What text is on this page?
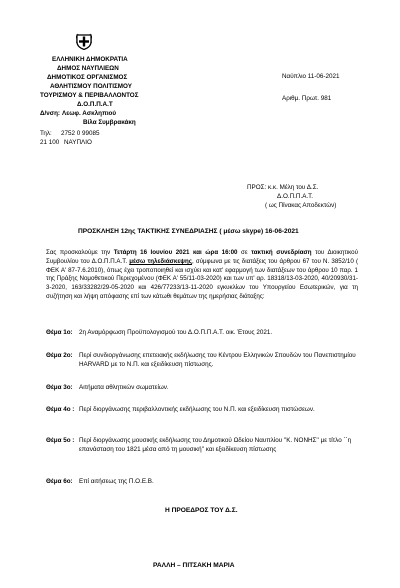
ΕΛΛΗΝΙΚΗ ΔΗΜΟΚΡΑΤΙΑ
ΔΗΜΟΣ ΝΑΥΠΛΙΕΩΝ
ΔΗΜΟΤΙΚΟΣ ΟΡΓΑΝΙΣΜΟΣ
ΑΘΛΗΤΙΣΜΟΥ ΠΟΛΙΤΙΣΜΟΥ
ΤΟΥΡΙΣΜΟΥ & ΠΕΡΙΒΑΛΛΟΝΤΟΣ
Δ.Ο.Π.Π.Α.Τ
Δ/νση: Λεωφ. Ασκληπιού
Βίλα Συμβρακάκη
Τηλ: 2752 0 99085
21 100 ΝΑΥΠΛΙΟ
Ναύπλιο 11-06-2021
Αριθμ. Πρωτ. 981
ΠΡΟΣ: κ.κ. Μέλη του Δ.Σ.
Δ.Ο.Π.Π.Α.Τ.
( ως Πίνακας Αποδεκτών)
ΠΡΟΣΚΛΗΣΗ 12ης ΤΑΚΤΙΚΗΣ ΣΥΝΕΔΡΙΑΣΗΣ ( μέσω skype) 16-06-2021
Σας προσκαλούμε την Τετάρτη 16 Ιουνίου 2021 και ώρα 16:00 σε τακτική συνεδρίαση του Διοικητικού Συμβουλίου του Δ.Ο.Π.Π.Α.Τ. μέσω τηλεδιάσκεψης, σύμφωνα με τις διατάξεις του άρθρου 67 του Ν. 3852/10 ( ΦΕΚ Α' 87-7.6.2010), όπως έχει τροποποιηθεί και ισχύει και κατ' εφαρμογή των διατάξεων του άρθρου 10 παρ. 1 της Πράξης Νομοθετικού Περιεχομένου (ΦΕΚ Α' 55/11-03-2020) και των υπ' αρ. 18318/13-03-2020, 40/20930/31-3-2020, 163/33282/29-05-2020 και 426/77233/13-11-2020 εγκυκλίων του Υπουργείου Εσωτερικών, για τη συζήτηση και λήψη απόφασης επί των κάτωθι θεμάτων της ημερήσιας διάταξης:
Θέμα 1ο: 2η Αναμόρφωση Προϋπολογισμού του Δ.Ο.Π.Π.Α.Τ. οικ. Έτους 2021.
Θέμα 2ο: Περί συνδιοργάνωσης επετειακής εκδήλωσης του Κέντρου Ελληνικών Σπουδών του Πανεπιστημίου HARVARD με το Ν.Π. και εξειδίκευση πίστωσης.
Θέμα 3ο: Αιτήματα αθλητικών σωματείων.
Θέμα 4ο : Περί διοργάνωσης περιβαλλοντικής εκδήλωσης του Ν.Π. και εξειδίκευση πιστώσεων.
Θέμα 5ο : Περί διοργάνωσης μουσικής εκδήλωσης του Δημοτικού Ωδείου Ναυπλίου ''Κ. ΝΟΝΗΣ'' με τίτλο ``η επανάσταση του 1821 μέσα από τη μουσική'' και εξειδίκευση πίστωσης
Θέμα 6ο: Επί αιτήσεως της Π.Ο.Ε.Β.
Η ΠΡΟΕΔΡΟΣ ΤΟΥ Δ.Σ.
ΡΑΛΛΗ – ΠΙΤΣΑΚΗ ΜΑΡΙΑ
